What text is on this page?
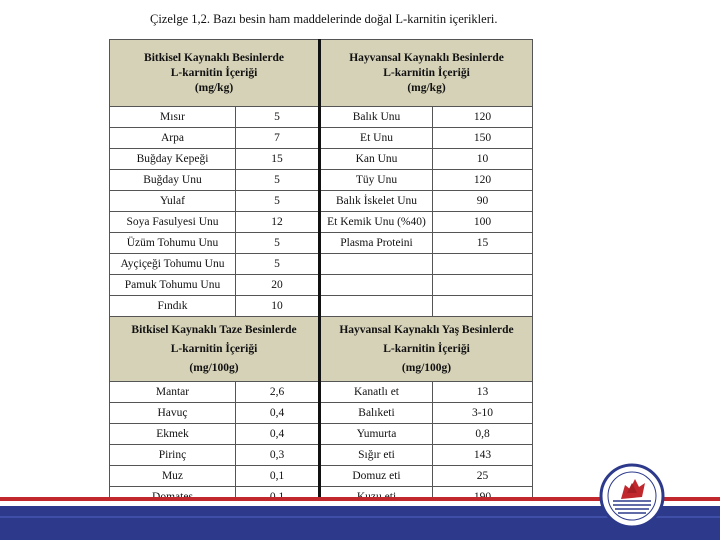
Çizelge 1,2. Bazı besin ham maddelerinde doğal L-karnitin içerikleri.
Bitkisel Kaynaklı Besinlerde
L-karnitin İçeriği
(mg/kg)		Hayvansal Kaynaklı Besinlerde
L-karnitin İçeriği
(mg/kg)	

Mısır	5	Balık Unu	120
Arpa	7	Et Unu	150
Buğday Kepeği	15	Kan Unu	10
Buğday Unu	5	Tüy Unu	120
Yulaf	5	Balık İskelet Unu	90
Soya Fasulyesi Unu	12	Et Kemik Unu (%40)	100
Üzüm Tohumu Unu	5	Plasma Proteini	15
Ayçiçeği Tohumu Unu	5		
Pamuk Tohumu Unu	20		
Fındık	10		

Bitkisel Kaynaklı Taze Besinlerde
L-karnitin İçeriği
(mg/100g)		Hayvansal Kaynaklı Yaş Besinlerde
L-karnitin İçeriği
(mg/100g)	

Mantar	2,6	Kanatlı et	13
Havuç	0,4	Balıketi	3-10
Ekmek	0,4	Yumurta	0,8
Pirinç	0,3	Sığır eti	143
Muz	0,1	Domuz eti	25
